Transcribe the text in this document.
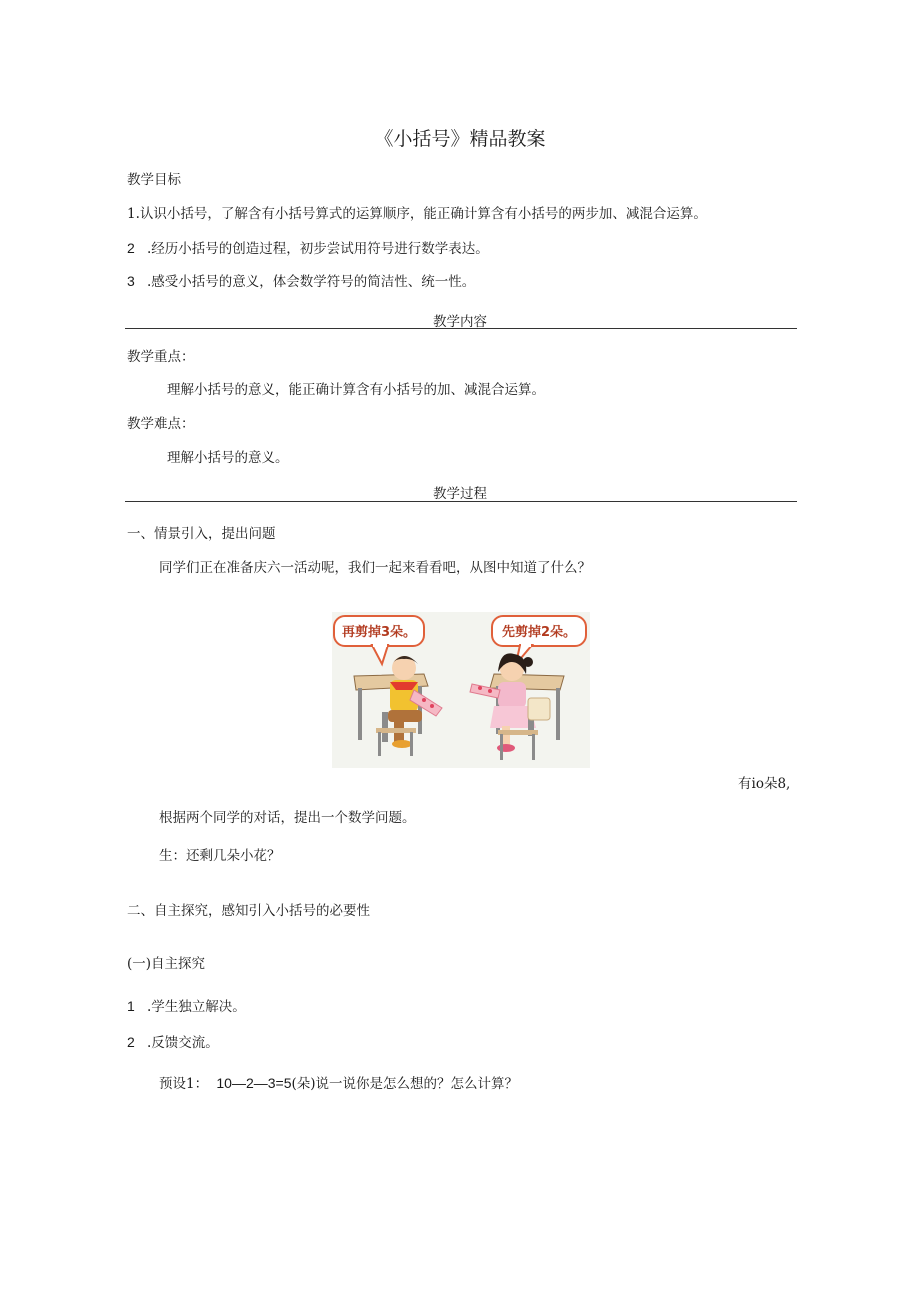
《小括号》精品教案
教学目标
1.认识小括号，了解含有小括号算式的运算顺序，能正确计算含有小括号的两步加、减混合运算。
2 .经历小括号的创造过程，初步尝试用符号进行数学表达。
3 .感受小括号的意义，体会数学符号的简洁性、统一性。
教学内容
教学重点：
理解小括号的意义，能正确计算含有小括号的加、减混合运算。
教学难点：
理解小括号的意义。
教学过程
一、情景引入，提出问题
同学们正在准备庆六一活动呢，我们一起来看看吧，从图中知道了什么？
再剪掉3朵。	先剪掉2朵。
有io朵8,
根据两个同学的对话，提出一个数学问题。
生：还剩几朵小花？
二、自主探究，感知引入小括号的必要性
(一)自主探究
1 .学生独立解决。
2 .反馈交流。
预设1： 10—2—3=5(朵)说一说你是怎么想的？怎么计算？
